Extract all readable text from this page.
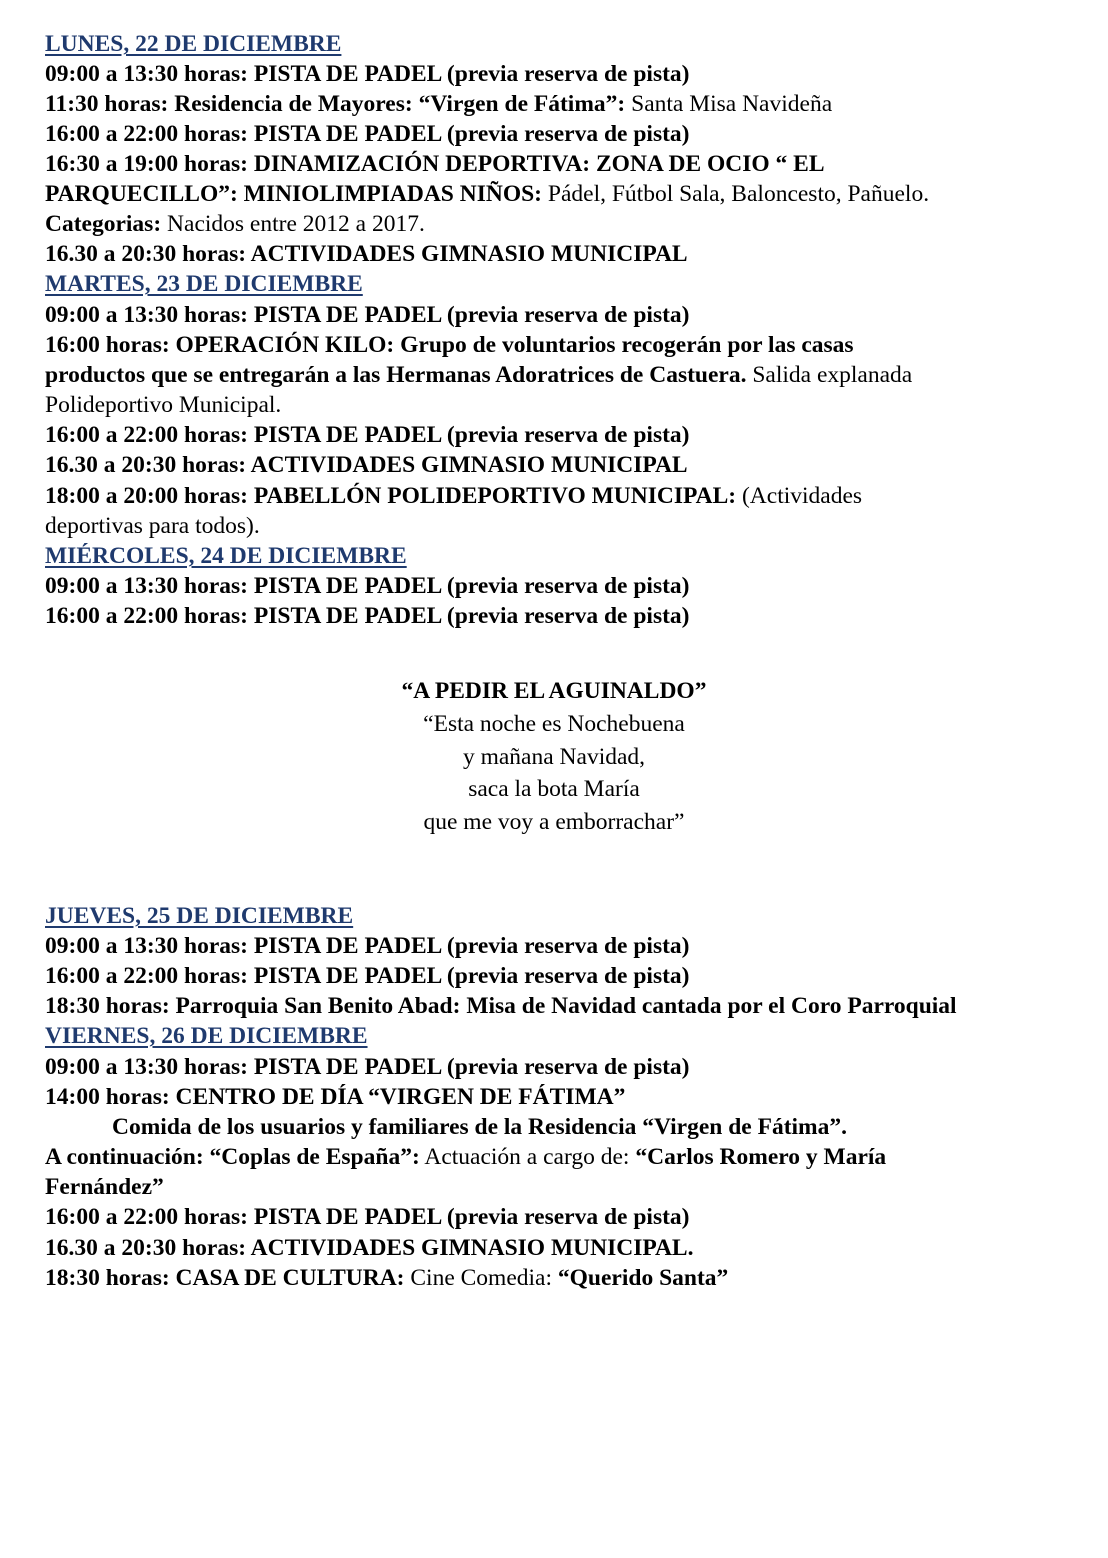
LUNES, 22 DE DICIEMBRE
09:00 a 13:30 horas: PISTA DE PADEL (previa reserva de pista)
11:30 horas: Residencia de Mayores: “Virgen de Fátima”: Santa Misa Navideña
16:00 a 22:00 horas: PISTA DE PADEL (previa reserva de pista)
16:30 a 19:00 horas: DINAMIZACIÓN DEPORTIVA: ZONA DE OCIO “ EL
PARQUECILLO”: MINIOLIMPIADAS NIÑOS: Pádel, Fútbol Sala, Baloncesto, Pañuelo.
Categorias: Nacidos entre 2012 a 2017.
16.30 a 20:30 horas: ACTIVIDADES GIMNASIO MUNICIPAL
MARTES, 23 DE DICIEMBRE
09:00 a 13:30 horas: PISTA DE PADEL (previa reserva de pista)
16:00 horas: OPERACIÓN KILO: Grupo de voluntarios recogerán por las casas
productos que se entregarán a las Hermanas Adoratrices de Castuera. Salida explanada
Polideportivo Municipal.
16:00 a 22:00 horas: PISTA DE PADEL (previa reserva de pista)
16.30 a 20:30 horas: ACTIVIDADES GIMNASIO MUNICIPAL
18:00 a 20:00 horas: PABELLÓN POLIDEPORTIVO MUNICIPAL: (Actividades
deportivas para todos).
MIÉRCOLES, 24 DE DICIEMBRE
09:00 a 13:30 horas: PISTA DE PADEL (previa reserva de pista)
16:00 a 22:00 horas: PISTA DE PADEL (previa reserva de pista)
“A PEDIR EL AGUINALDO”
“Esta noche es Nochebuena
y mañana Navidad,
saca la bota María
que me voy a emborrachar”
JUEVES, 25 DE DICIEMBRE
09:00 a 13:30 horas: PISTA DE PADEL (previa reserva de pista)
16:00 a 22:00 horas: PISTA DE PADEL (previa reserva de pista)
18:30 horas: Parroquia San Benito Abad: Misa de Navidad cantada por el Coro Parroquial
VIERNES, 26 DE DICIEMBRE
09:00 a 13:30 horas: PISTA DE PADEL (previa reserva de pista)
14:00 horas: CENTRO DE DÍA “VIRGEN DE FÁTIMA”
Comida de los usuarios y familiares de la Residencia “Virgen de Fátima”.
A continuación: “Coplas de España”: Actuación a cargo de: “Carlos Romero y María
Fernández”
16:00 a 22:00 horas: PISTA DE PADEL (previa reserva de pista)
16.30 a 20:30 horas: ACTIVIDADES GIMNASIO MUNICIPAL.
18:30 horas: CASA DE CULTURA: Cine Comedia: “Querido Santa”
